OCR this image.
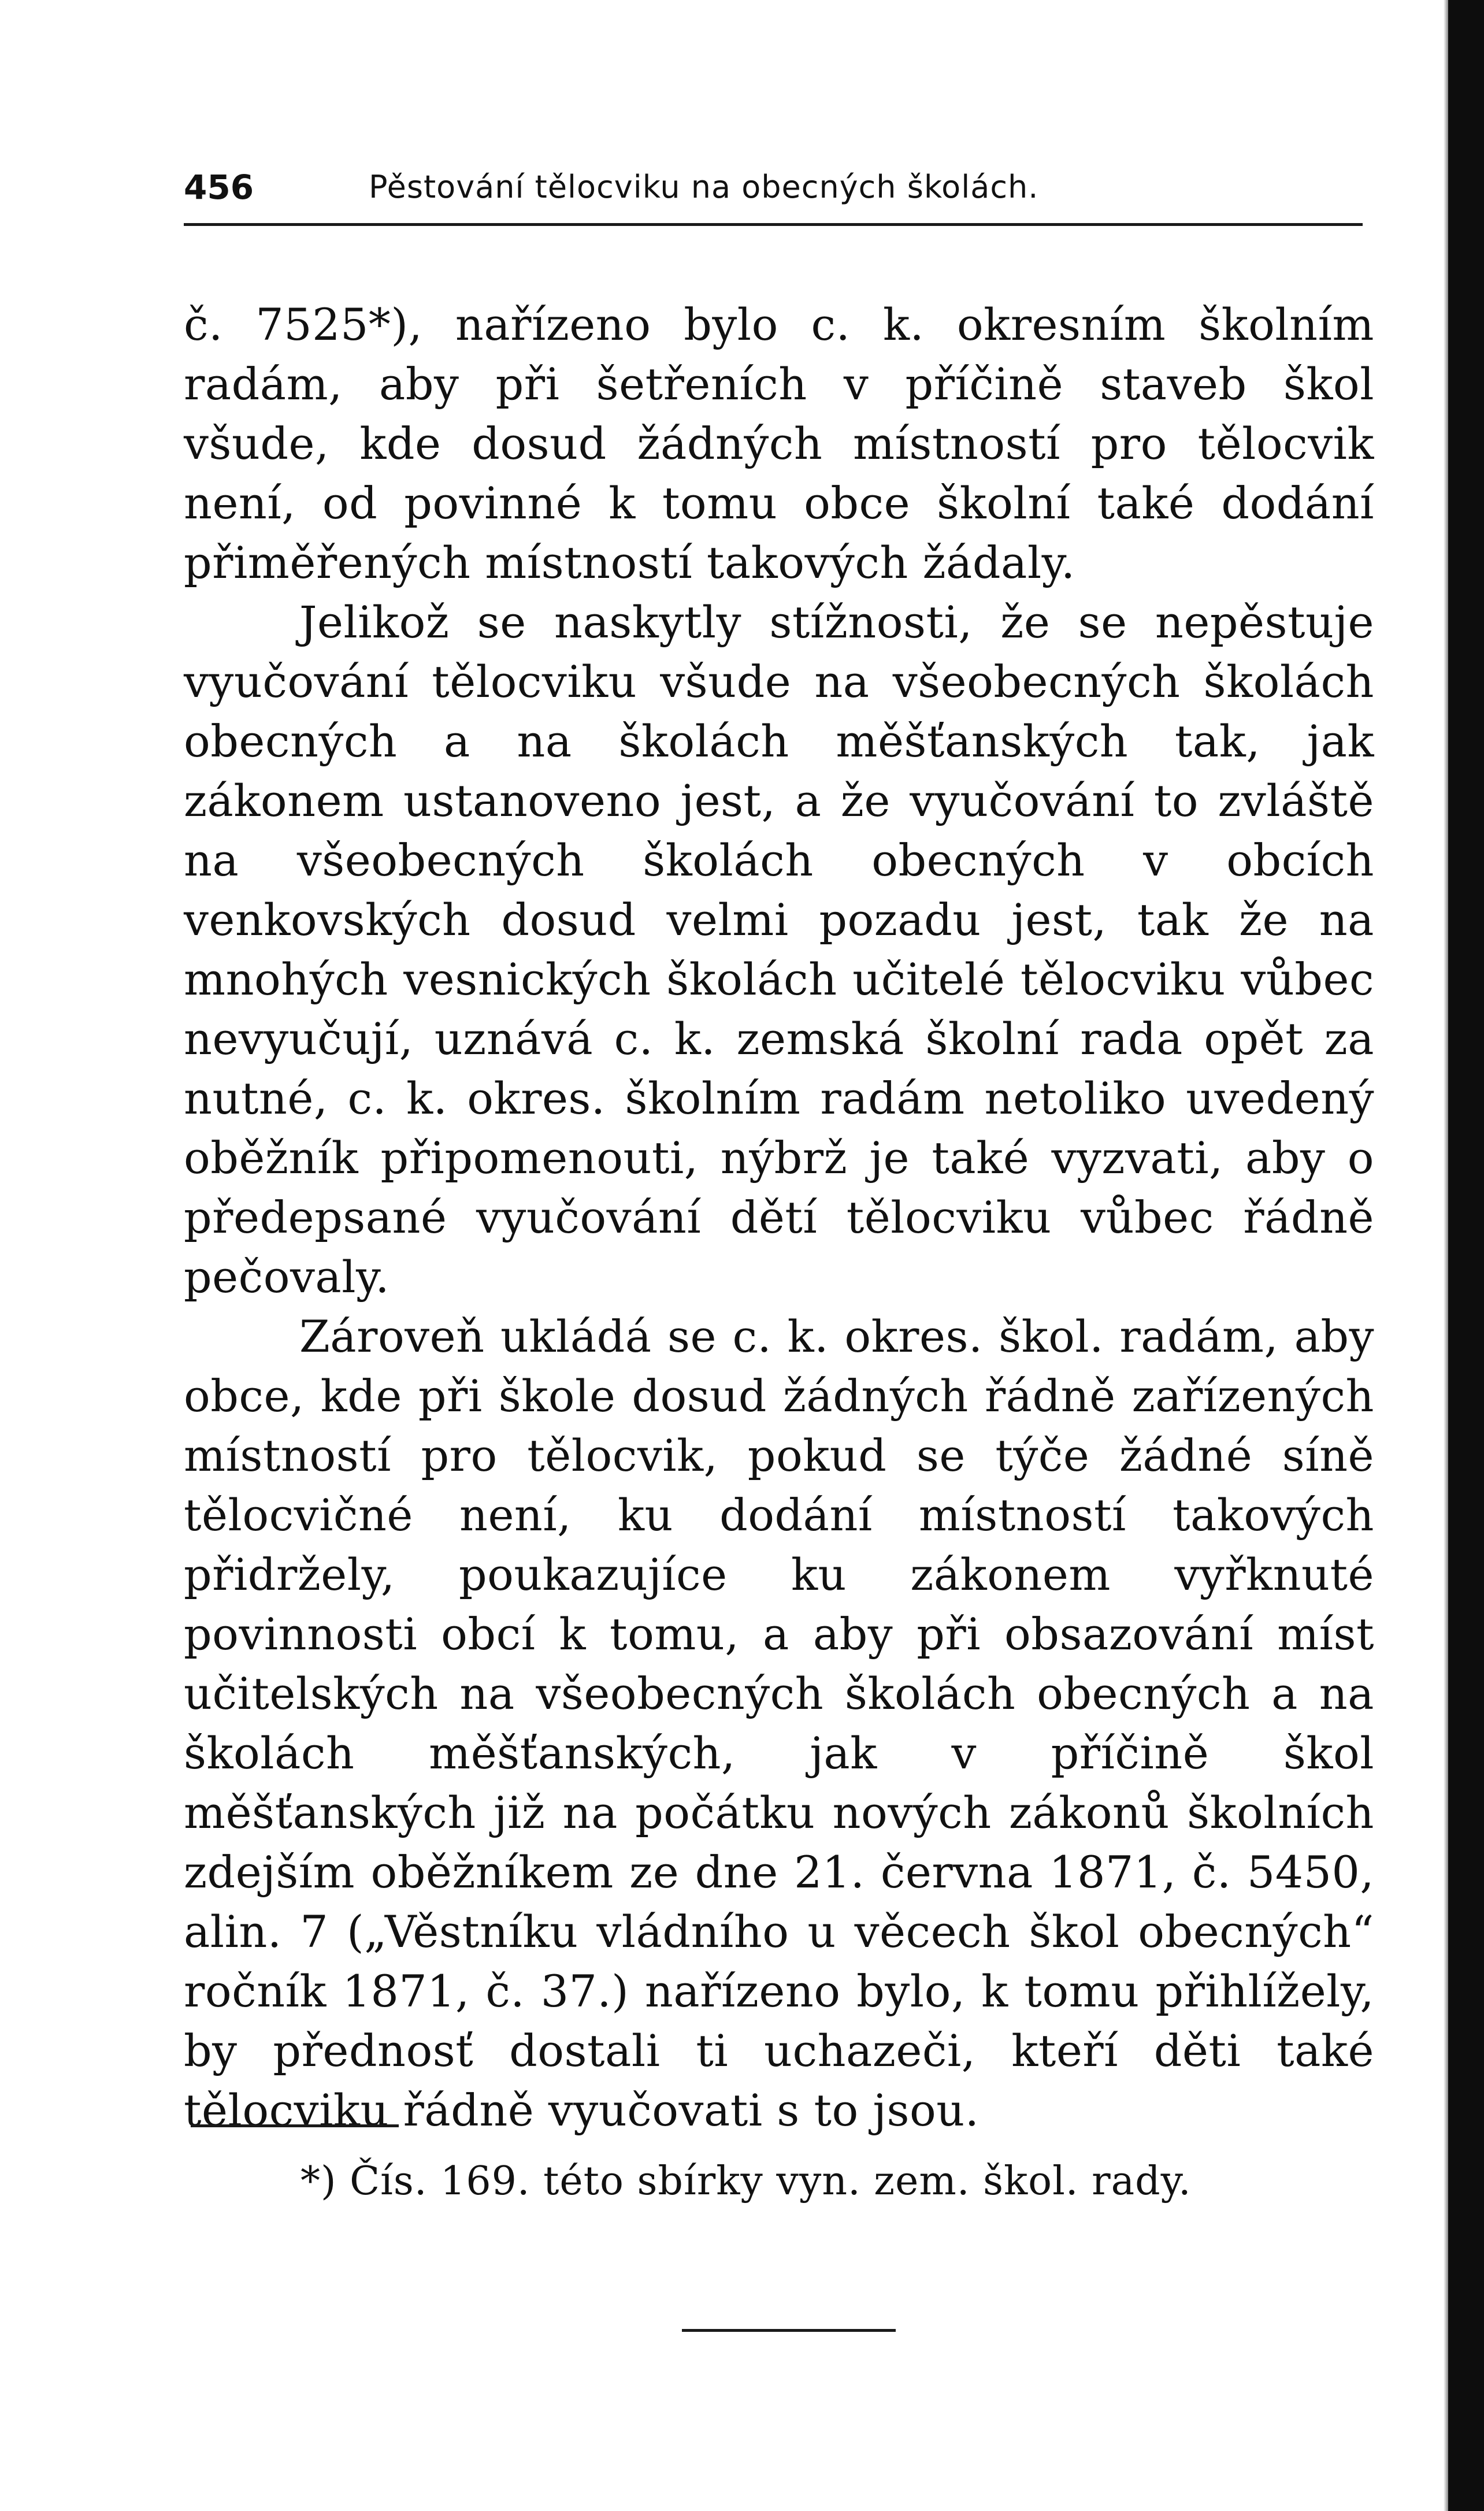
456	Pěstování tělocviku na obecných školách.

č. 7525*), nařízeno bylo c. k. okresním školním radám, aby při šetřeních v příčině staveb škol všude, kde dosud žádných místností pro tělocvik není, od povinné k tomu obce školní také dodání přiměřených místností takových žádaly.

Jelikož se naskytly stížnosti, že se nepěstuje vyučování tělocviku všude na všeobecných školách obecných a na školách měšťanských tak, jak zákonem ustanoveno jest, a že vyučování to zvláště na všeobecných školách obecných v obcích venkovských dosud velmi pozadu jest, tak že na mnohých vesnických školách učitelé tělocviku vůbec nevyučují, uznává c. k. zemská školní rada opět za nutné, c. k. okres. školním radám netoliko uvedený oběžník připomenouti, nýbrž je také vyzvati, aby o předepsané vyučování dětí tělocviku vůbec řádně pečovaly.

Zároveň ukládá se c. k. okres. škol. radám, aby obce, kde při škole dosud žádných řádně zařízených místností pro tělocvik, pokud se týče žádné síně tělocvičné není, ku dodání místností takových přidržely, poukazujíce ku zákonem vyřknuté povinnosti obcí k tomu, a aby při obsazování míst učitelských na všeobecných školách obecných a na školách měšťanských, jak v příčině škol měšťanských již na počátku nových zákonů školních zdejším oběžníkem ze dne 21. června 1871, č. 5450, alin. 7 („Věstníku vládního u věcech škol obecných“ ročník 1871, č. 37.) nařízeno bylo, k tomu přihlížely, by přednosť dostali ti uchazeči, kteří děti také tělocviku řádně vyučovati s to jsou.

*) Čís. 169. této sbírky vyn. zem. škol. rady.
